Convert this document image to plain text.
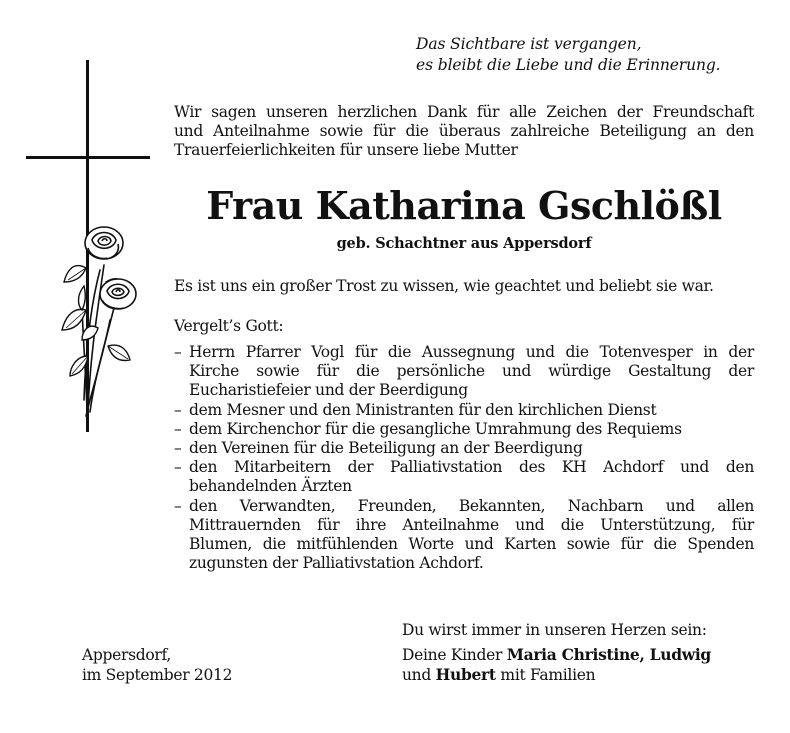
Das Sichtbare ist vergangen,
es bleibt die Liebe und die Erinnerung.
Wir sagen unseren herzlichen Dank für alle Zeichen der Freundschaft
und Anteilnahme sowie für die überaus zahlreiche Beteiligung an den
Trauerfeierlichkeiten für unsere liebe Mutter
Frau Katharina Gschlößl
geb. Schachtner aus Appersdorf
Es ist uns ein großer Trost zu wissen, wie geachtet und beliebt sie war.
Vergelt’s Gott:
– Herrn Pfarrer Vogl für die Aussegnung und die Totenvesper in der
Kirche sowie für die persönliche und würdige Gestaltung der
Eucharistiefeier und der Beerdigung
– dem Mesner und den Ministranten für den kirchlichen Dienst
– dem Kirchenchor für die gesangliche Umrahmung des Requiems
– den Vereinen für die Beteiligung an der Beerdigung
– den Mitarbeitern der Palliativstation des KH Achdorf und den
behandelnden Ärzten
– den Verwandten, Freunden, Bekannten, Nachbarn und allen
Mittrauernden für ihre Anteilnahme und die Unterstützung, für
Blumen, die mitfühlenden Worte und Karten sowie für die Spenden
zugunsten der Palliativstation Achdorf.
Du wirst immer in unseren Herzen sein:
Deine Kinder Maria Christine, Ludwig
und Hubert mit Familien
Appersdorf,
im September 2012
